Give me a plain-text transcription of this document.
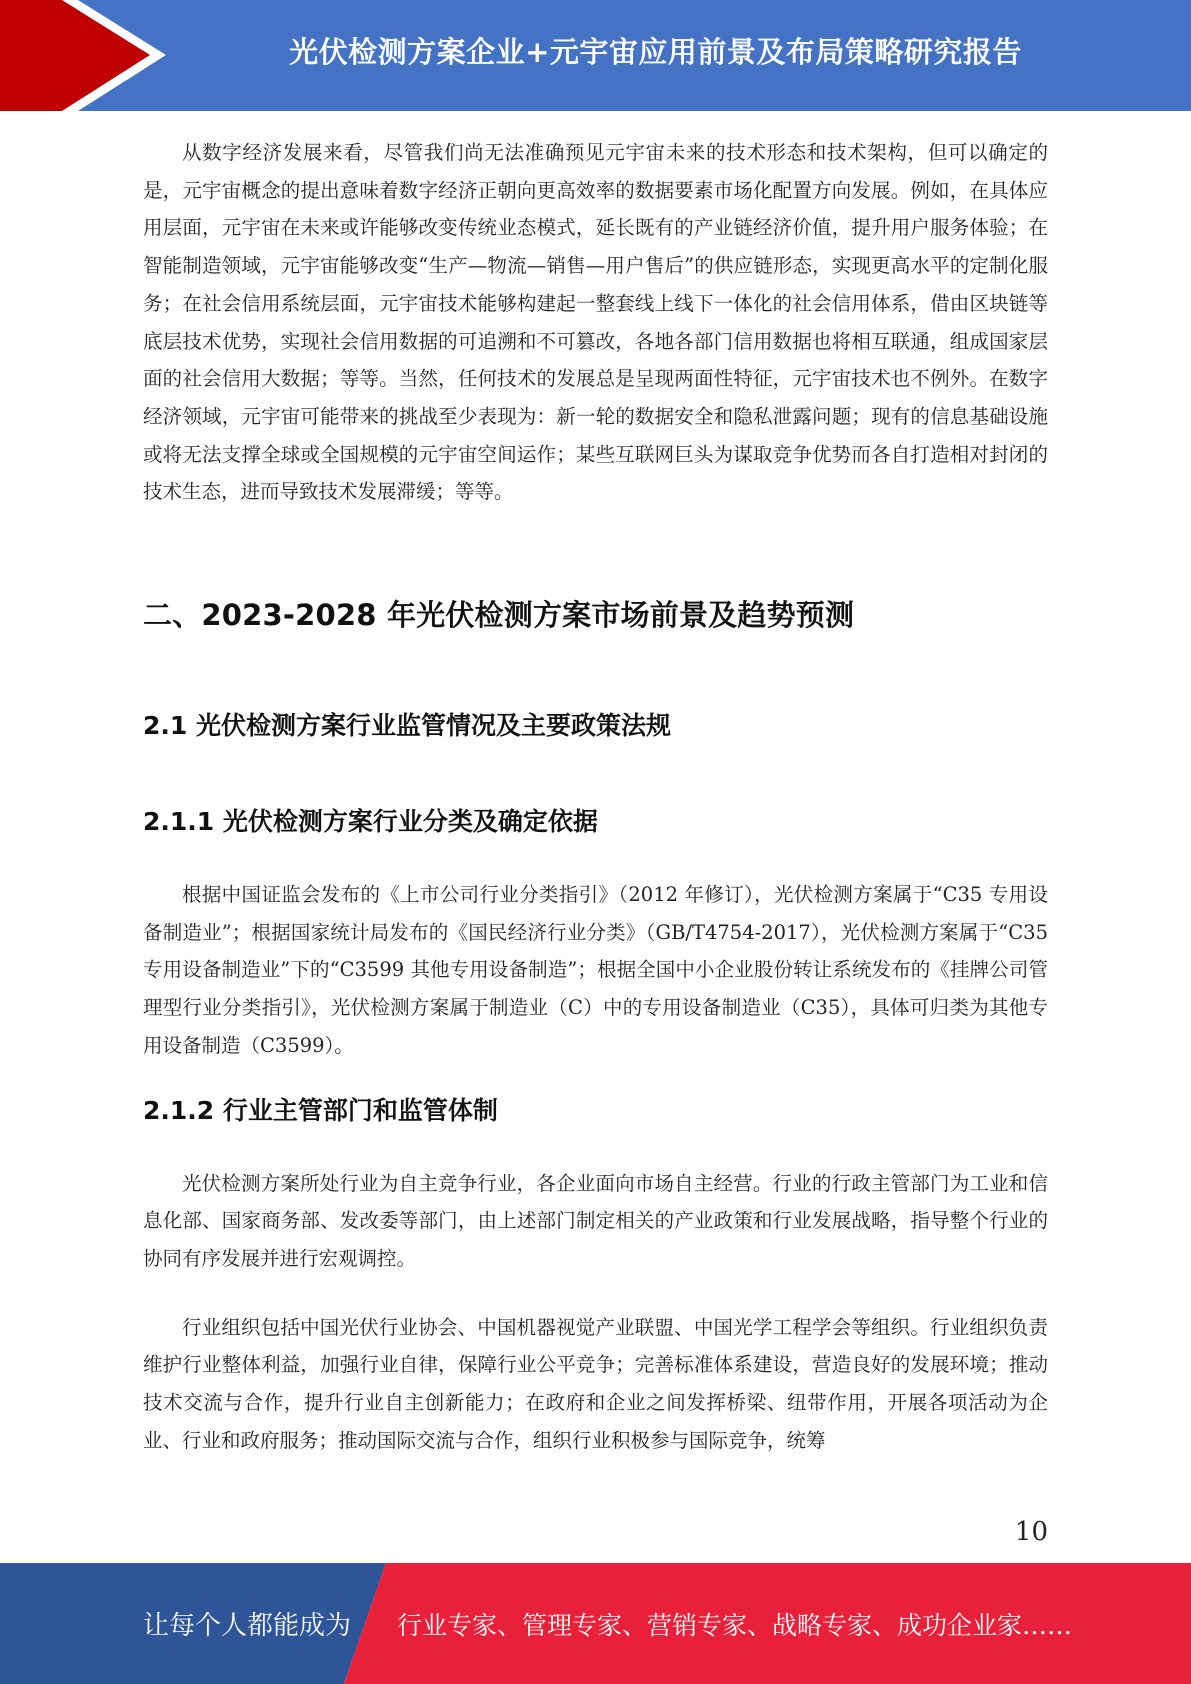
光伏检测方案企业+元宇宙应用前景及布局策略研究报告

从数字经济发展来看，尽管我们尚无法准确预见元宇宙未来的技术形态和技术架构，但可以确定的是，元宇宙概念的提出意味着数字经济正朝向更高效率的数据要素市场化配置方向发展。例如，在具体应用层面，元宇宙在未来或许能够改变传统业态模式，延长既有的产业链经济价值，提升用户服务体验；在智能制造领域，元宇宙能够改变“生产—物流—销售—用户售后”的供应链形态，实现更高水平的定制化服务；在社会信用系统层面，元宇宙技术能够构建起一整套线上线下一体化的社会信用体系，借由区块链等底层技术优势，实现社会信用数据的可追溯和不可篡改，各地各部门信用数据也将相互联通，组成国家层面的社会信用大数据；等等。当然，任何技术的发展总是呈现两面性特征，元宇宙技术也不例外。在数字经济领域，元宇宙可能带来的挑战至少表现为：新一轮的数据安全和隐私泄露问题；现有的信息基础设施或将无法支撑全球或全国规模的元宇宙空间运作；某些互联网巨头为谋取竞争优势而各自打造相对封闭的技术生态，进而导致技术发展滞缓；等等。

二、2023-2028 年光伏检测方案市场前景及趋势预测
2.1 光伏检测方案行业监管情况及主要政策法规
2.1.1 光伏检测方案行业分类及确定依据

根据中国证监会发布的《上市公司行业分类指引》（2012 年修订），光伏检测方案属于“C35 专用设备制造业”；根据国家统计局发布的《国民经济行业分类》（GB/T4754-2017），光伏检测方案属于“C35 专用设备制造业”下的“C3599 其他专用设备制造”；根据全国中小企业股份转让系统发布的《挂牌公司管理型行业分类指引》，光伏检测方案属于制造业（C）中的专用设备制造业（C35），具体可归类为其他专用设备制造（C3599）。

2.1.2 行业主管部门和监管体制

光伏检测方案所处行业为自主竞争行业，各企业面向市场自主经营。行业的行政主管部门为工业和信息化部、国家商务部、发改委等部门，由上述部门制定相关的产业政策和行业发展战略，指导整个行业的协同有序发展并进行宏观调控。

行业组织包括中国光伏行业协会、中国机器视觉产业联盟、中国光学工程学会等组织。行业组织负责维护行业整体利益，加强行业自律，保障行业公平竞争；完善标准体系建设，营造良好的发展环境；推动技术交流与合作，提升行业自主创新能力；在政府和企业之间发挥桥梁、纽带作用，开展各项活动为企业、行业和政府服务；推动国际交流与合作，组织行业积极参与国际竞争，统筹

10
让每个人都能成为 行业专家、管理专家、营销专家、战略专家、成功企业家……
